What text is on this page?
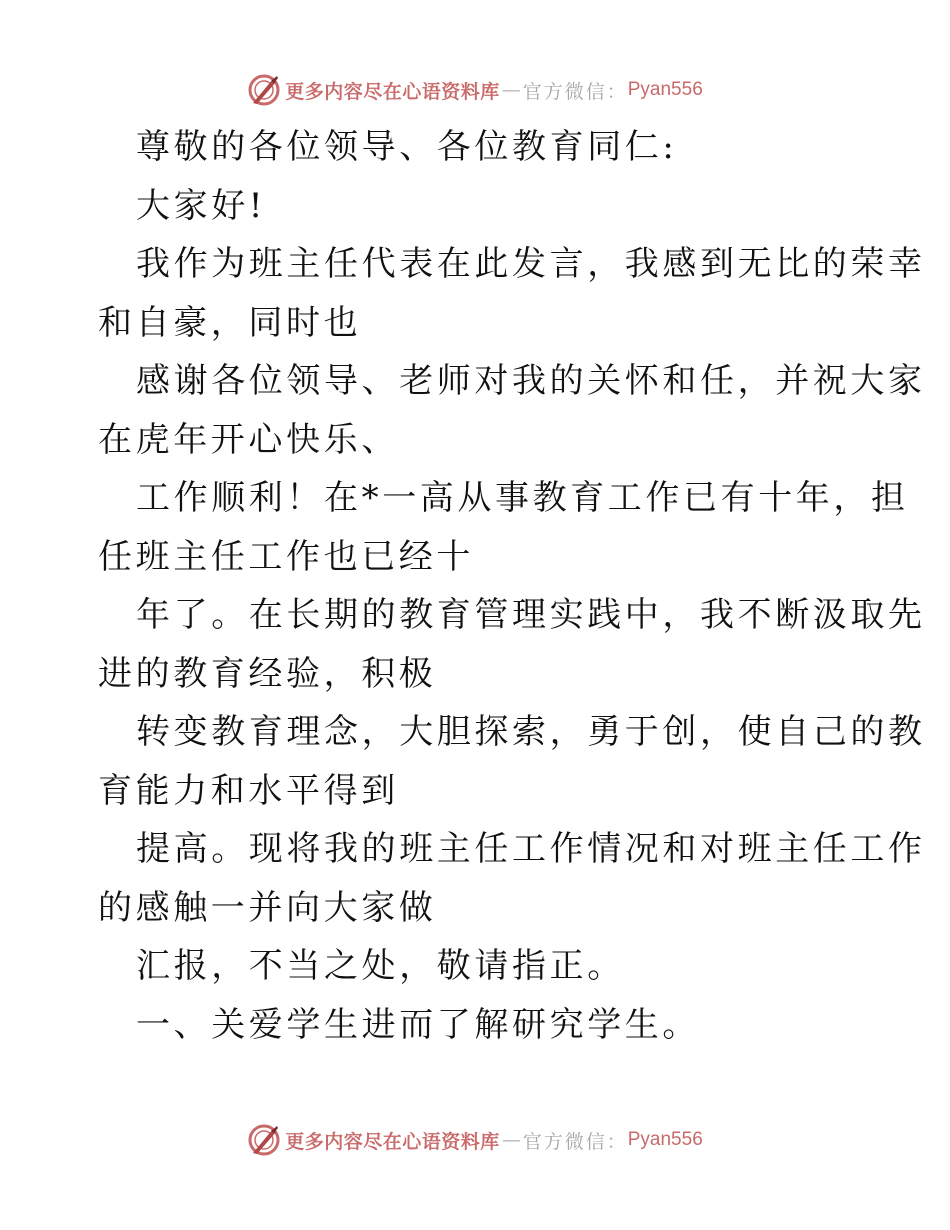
更多内容尽在心语资料库 — 官方微信： Pyan556
尊敬的各位领导、各位教育同仁:
大家好!
我作为班主任代表在此发言，我感到无比的荣幸
和自豪，同时也
感谢各位领导、老师对我的关怀和任，并祝大家
在虎年开心快乐、
工作顺利！在*一高从事教育工作已有十年，担
任班主任工作也已经十
年了。在长期的教育管理实践中，我不断汲取先
进的教育经验，积极
转变教育理念，大胆探索，勇于创，使自己的教
育能力和水平得到
提高。现将我的班主任工作情况和对班主任工作
的感触一并向大家做
汇报，不当之处，敬请指正。
一、关爱学生进而了解研究学生。
更多内容尽在心语资料库 — 官方微信： Pyan556
